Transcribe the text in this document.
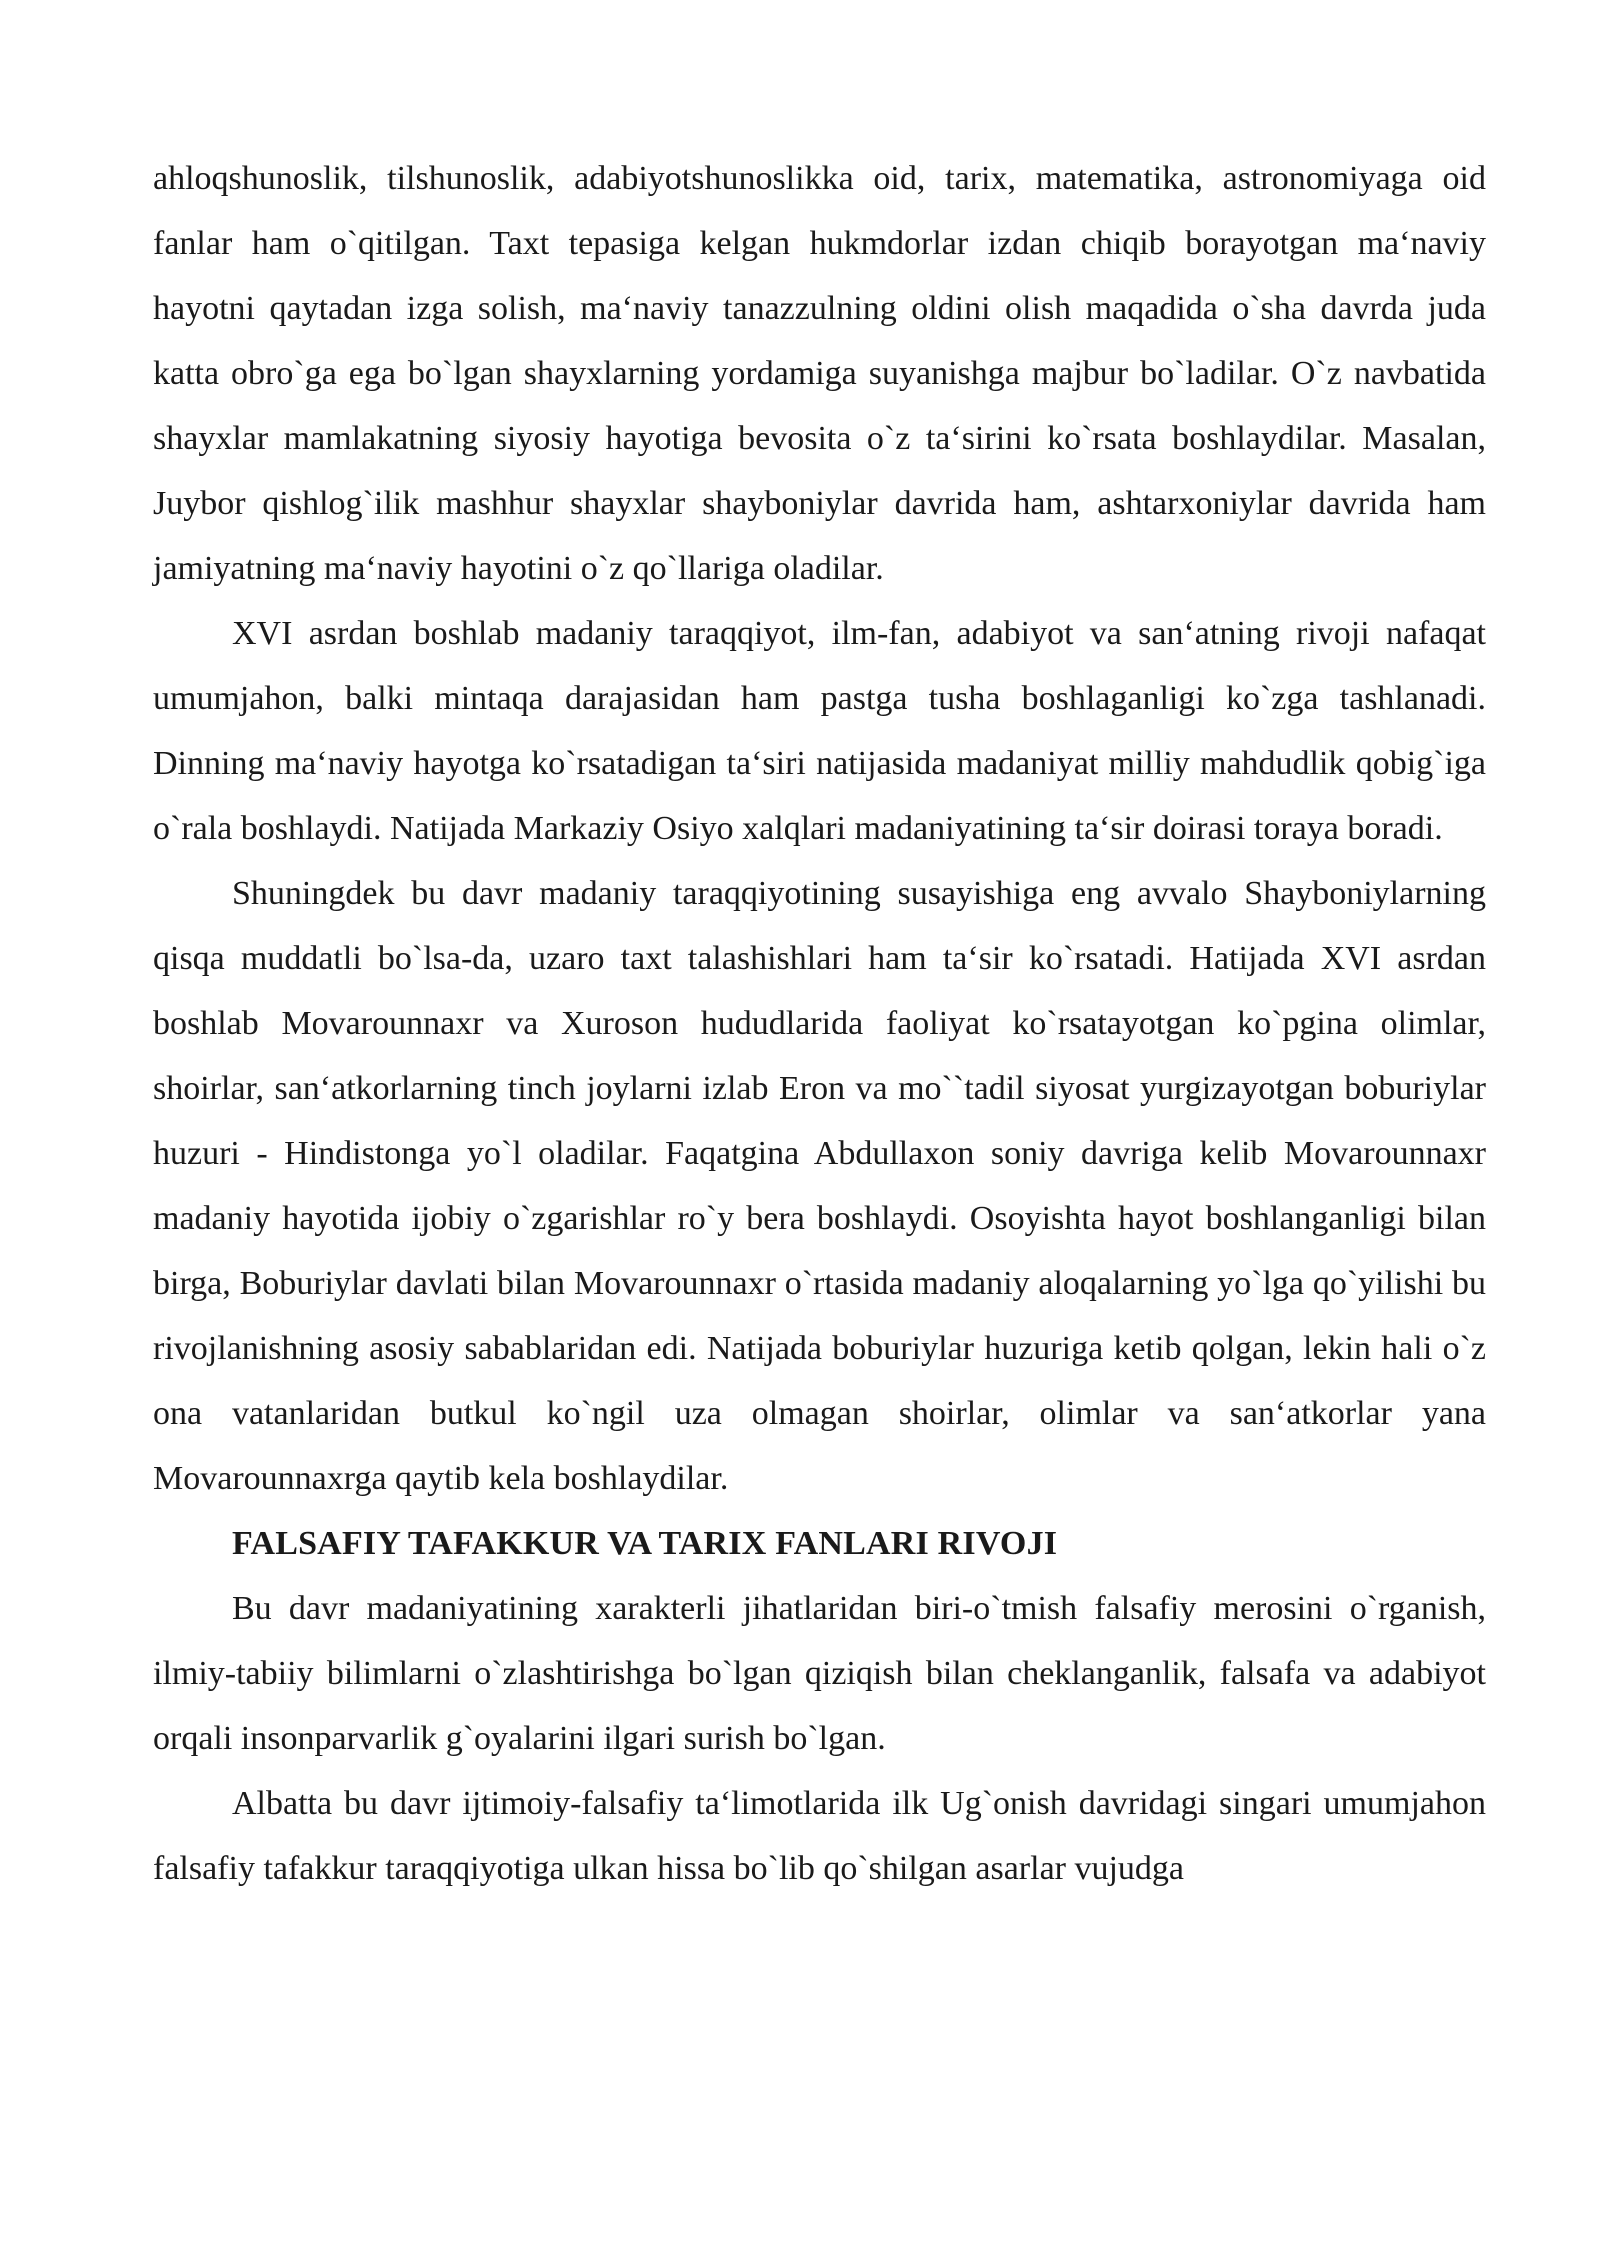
ahloqshunoslik, tilshunoslik, adabiyotshunoslikka oid, tarix, matematika, astronomiyaga oid fanlar ham o`qitilgan. Taxt tepasiga kelgan hukmdorlar izdan chiqib borayotgan ma‘naviy hayotni qaytadan izga solish, ma‘naviy tanazzulning oldini olish maqadida o`sha davrda juda katta obro`ga ega bo`lgan shayxlarning yordamiga suyanishga majbur bo`ladilar. O`z navbatida shayxlar mamlakatning siyosiy hayotiga bevosita o`z ta‘sirini ko`rsata boshlaydilar. Masalan, Juybor qishlog`ilik mashhur shayxlar shayboniylar davrida ham, ashtarxoniylar davrida ham jamiyatning ma‘naviy hayotini o`z qo`llariga oladilar.

XVI asrdan boshlab madaniy taraqqiyot, ilm-fan, adabiyot va san‘atning rivoji nafaqat umumjahon, balki mintaqa darajasidan ham pastga tusha boshlaganligi ko`zga tashlanadi. Dinning ma‘naviy hayotga ko`rsatadigan ta‘siri natijasida madaniyat milliy mahdudlik qobig`iga o`rala boshlaydi. Natijada Markaziy Osiyo xalqlari madaniyatining ta‘sir doirasi toraya boradi.

Shuningdek bu davr madaniy taraqqiyotining susayishiga eng avvalo Shayboniylarning qisqa muddatli bo`lsa-da, uzaro taxt talashishlari ham ta‘sir ko`rsatadi. Hatijada XVI asrdan boshlab Movarounnaxr va Xuroson hududlarida faoliyat ko`rsatayotgan ko`pgina olimlar, shoirlar, san‘atkorlarning tinch joylarni izlab Eron va mo``tadil siyosat yurgizayotgan boburiylar huzuri - Hindistonga yo`l oladilar. Faqatgina Abdullaxon soniy davriga kelib Movarounnaxr madaniy hayotida ijobiy o`zgarishlar ro`y bera boshlaydi. Osoyishta hayot boshlanganligi bilan birga, Boburiylar davlati bilan Movarounnaxr o`rtasida madaniy aloqalarning yo`lga qo`yilishi bu rivojlanishning asosiy sabablaridan edi. Natijada boburiylar huzuriga ketib qolgan, lekin hali o`z ona vatanlaridan butkul ko`ngil uza olmagan shoirlar, olimlar va san‘atkorlar yana Movarounnaxrga qaytib kela boshlaydilar.

FALSAFIY TAFAKKUR VA TARIX FANLARI RIVOJI

Bu davr madaniyatining xarakterli jihatlaridan biri-o`tmish falsafiy merosini o`rganish, ilmiy-tabiiy bilimlarni o`zlashtirishga bo`lgan qiziqish bilan cheklanganlik, falsafa va adabiyot orqali insonparvarlik g`oyalarini ilgari surish bo`lgan.

Albatta bu davr ijtimoiy-falsafiy ta‘limotlarida ilk Ug`onish davridagi singari umumjahon falsafiy tafakkur taraqqiyotiga ulkan hissa bo`lib qo`shilgan asarlar vujudga
